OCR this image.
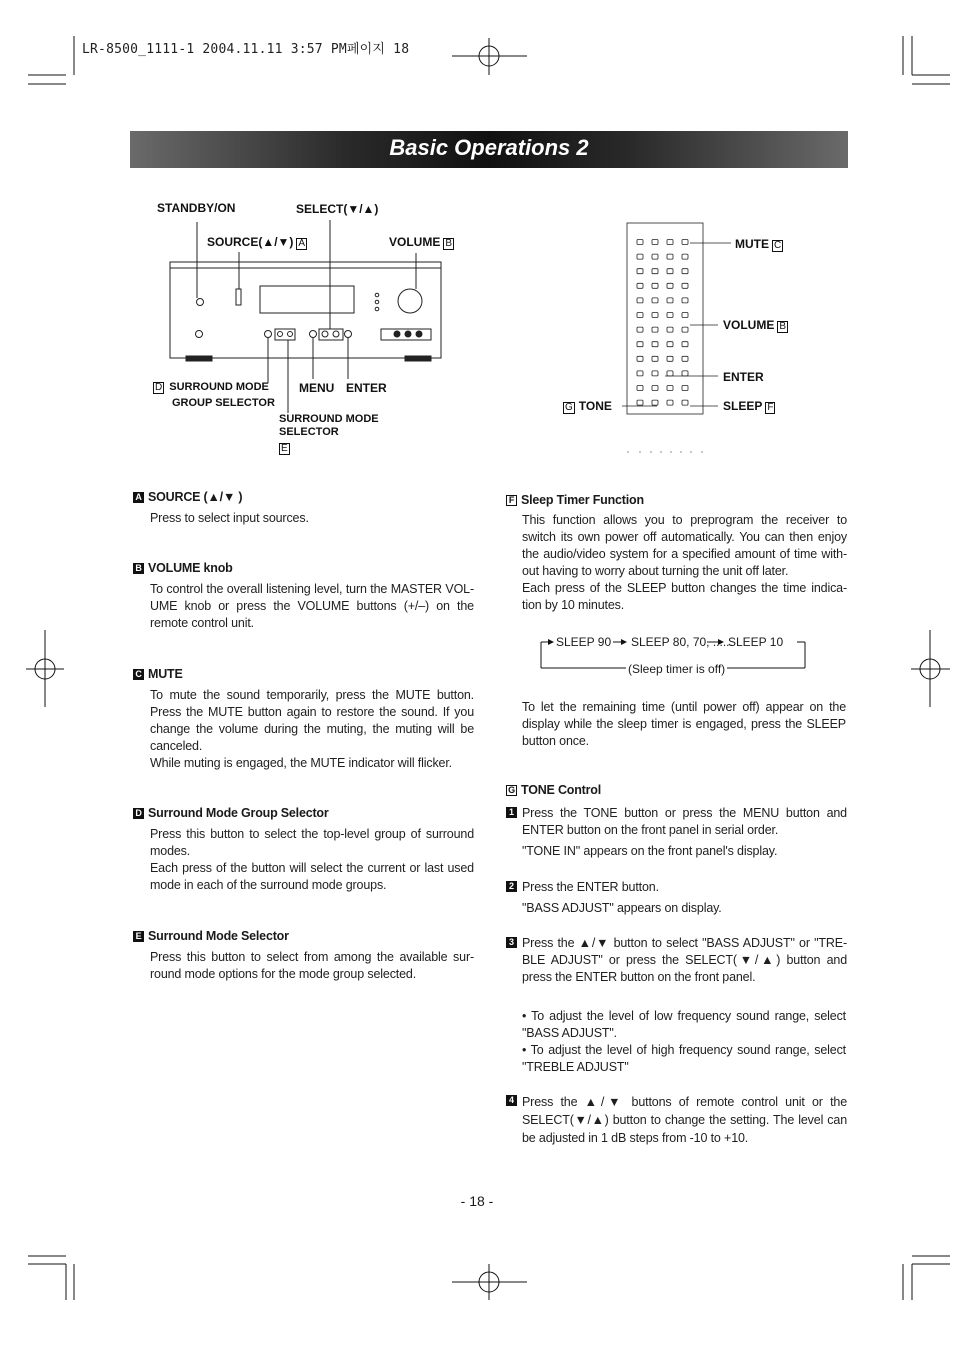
LR-8500_1111-1 2004.11.11 3:57 PM페이지 18
Basic Operations 2
STANDBY/ON	SELECT(▼/▲)
SOURCE(▲/▼) A	VOLUME B
D SURROUND MODE
GROUP SELECTOR
MENU ENTER
SURROUND MODE
SELECTOR
E
MUTE C
VOLUME B
ENTER
G TONE	SLEEP F
A SOURCE (▲/▼ )

Press to select input sources.

B VOLUME knob

To control the overall listening level, turn the MASTER VOL-UME knob or press the VOLUME buttons (+/–) on the remote control unit.

C MUTE

To mute the sound temporarily, press the MUTE button. Press the MUTE button again to restore the sound. If you change the volume during the muting, the muting will be canceled.

While muting is engaged, the MUTE indicator will flicker.

D Surround Mode Group Selector

Press this button to select the top-level group of surround modes.

Each press of the button will select the current or last used mode in each of the surround mode groups.

E Surround Mode Selector

Press this button to select from among the available sur-round mode options for the mode group selected.

F Sleep Timer Function

This function allows you to preprogram the receiver to switch its own power off automatically. You can then enjoy the audio/video system for a specified amount of time with-out having to worry about turning the unit off later.

Each press of the SLEEP button changes the time indica-tion by 10 minutes.

SLEEP 90 SLEEP 80, 70, ......
SLEEP 10
(Sleep timer is off)
To let the remaining time (until power off) appear on the display while the sleep timer is engaged, press the SLEEP button once.
G TONE Control
1 Press the TONE button or press the MENU button and ENTER button on the front panel in serial order.

"TONE IN" appears on the front panel's display.

2 Press the ENTER button.

"BASS ADJUST" appears on display.

3 Press the ▲/▼ button to select "BASS ADJUST" or "TRE-BLE ADJUST" or press the SELECT(▼/▲) button and press the ENTER button on the front panel.

• To adjust the level of low frequency sound range, select "BASS ADJUST".

• To adjust the level of high frequency sound range, select "TREBLE ADJUST"

4 Press the ▲/▼ buttons of remote control unit or the SELECT(▼/▲) button to change the setting. The level can be adjusted in 1 dB steps from -10 to +10.

- 18 -
